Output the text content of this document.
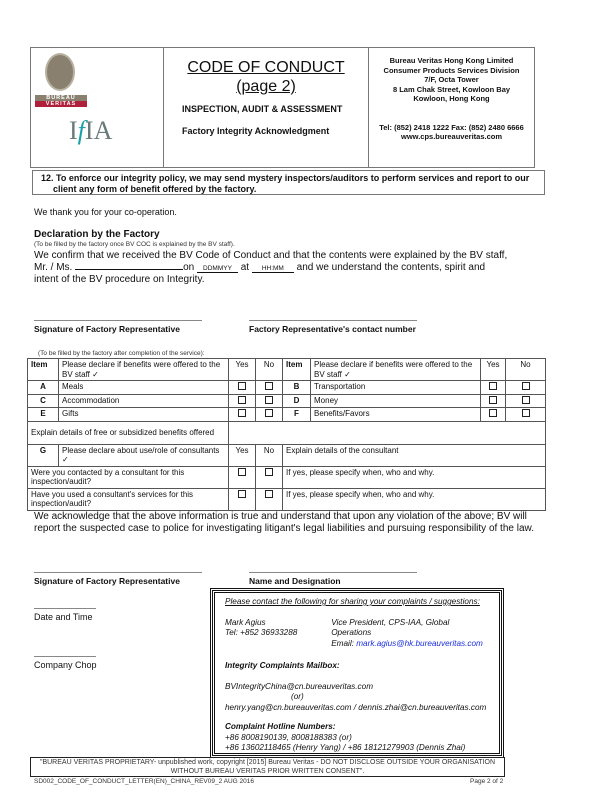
BUREAU
VERITAS
IfIA
CODE OF CONDUCT
(page 2)
INSPECTION, AUDIT & ASSESSMENT
Factory Integrity Acknowledgment
Bureau Veritas Hong Kong Limited
Consumer Products Services Division
7/F, Octa Tower
8 Lam Chak Street, Kowloon Bay
Kowloon, Hong Kong
Tel: (852) 2418 1222 Fax: (852) 2480 6666
www.cps.bureauveritas.com
12. To enforce our integrity policy, we may send mystery inspectors/auditors to perform services and report to our client any form of benefit offered by the factory.
We thank you for your co-operation.
Declaration by the Factory
(To be filled by the factory once BV COC is explained by the BV staff).
We confirm that we received the BV Code of Conduct and that the contents were explained by the BV staff,
Mr. / Ms.	on DDMMYY at HH:MM and we understand the contents, spirit and
intent of the BV procedure on Integrity.
Signature of Factory Representative	Factory Representative's contact number
(To be filled by the factory after completion of the service):
Item	Please declare if benefits were offered to the BV staff ✓	Yes	No	Item	Please declare if benefits were offered to the BV staff ✓	Yes	No
A	Meals			B	Transportation		
C	Accommodation			D	Money		
E	Gifts			F	Benefits/Favors		
Explain details of free or subsidized benefits offered							
G	Please declare about use/role of consultants ✓	Yes	No	Explain details of the consultant			
Were you contacted by a consultant for this inspection/audit?				If yes, please specify when, who and why.			
Have you used a consultant's services for this inspection/audit?				If yes, please specify when, who and why.			
We acknowledge that the above information is true and understand that upon any violation of the above; BV will report the suspected case to police for investigating litigant's legal liabilities and pursuing responsibility of the law.
Signature of Factory Representative	Name and Designation
Date and Time
Company Chop
Please contact the following for sharing your complaints / suggestions:
Mark Agius
Tel: +852 36933288
Vice President, CPS-IAA, Global Operations
Email: mark.agius@hk.bureauveritas.com
Integrity Complaints Mailbox:
BVIntegrityChina@cn.bureauveritas.com
(or)
henry.yang@cn.bureauveritas.com / dennis.zhai@cn.bureauveritas.com
Complaint Hotline Numbers:
+86 8008190139, 8008188383 (or)
+86 13602118465 (Henry Yang) / +86 18121279903 (Dennis Zhai)
"BUREAU VERITAS PROPRIETARY- unpublished work, copyright [2015] Bureau Veritas - DO NOT DISCLOSE OUTSIDE YOUR ORGANISATION WITHOUT BUREAU VERITAS PRIOR WRITTEN CONSENT".
SD002_CODE_OF_CONDUCT_LETTER(EN)_CHINA_REV09_2 AUG 2016	Page 2 of 2
